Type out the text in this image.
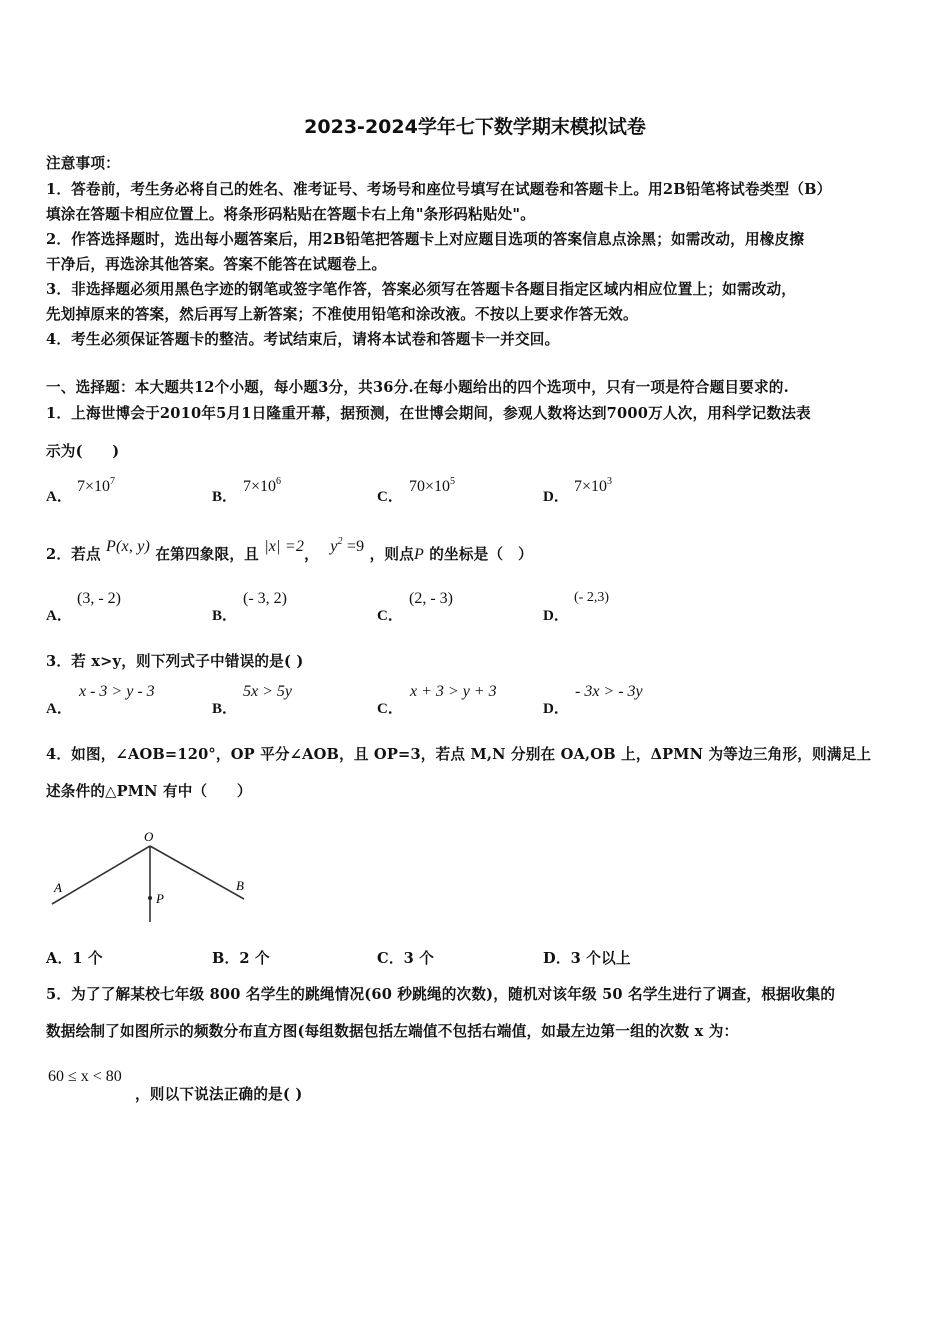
2023-2024学年七下数学期末模拟试卷
注意事项：
1．答卷前，考生务必将自己的姓名、准考证号、考场号和座位号填写在试题卷和答题卡上。用2B铅笔将试卷类型（B）
填涂在答题卡相应位置上。将条形码粘贴在答题卡右上角"条形码粘贴处"。
2．作答选择题时，选出每小题答案后，用2B铅笔把答题卡上对应题目选项的答案信息点涂黑；如需改动，用橡皮擦
干净后，再选涂其他答案。答案不能答在试题卷上。
3．非选择题必须用黑色字迹的钢笔或签字笔作答，答案必须写在答题卡各题目指定区域内相应位置上；如需改动，
先划掉原来的答案，然后再写上新答案；不准使用铅笔和涂改液。不按以上要求作答无效。
4．考生必须保证答题卡的整洁。考试结束后，请将本试卷和答题卡一并交回。
一、选择题：本大题共12个小题，每小题3分，共36分.在每小题给出的四个选项中，只有一项是符合题目要求的.
1．上海世博会于2010年5月1日隆重开幕，据预测，在世博会期间，参观人数将达到7000万人次，用科学记数法表
示为(　　)
A．
$7\times 10^7$
B．
$7\times 10^6$
C．
$70\times 10^5$
D．
$7\times 10^3$
2．若点 P(x, y) 在第四象限，且 |x| =2， $y^2 =9$ ，则点P 的坐标是（　）
A．
(3, - 2)
B．
(- 3, 2)
C．
(2, - 3)
D．
(- 2,3)
3．若 x>y，则下列式子中错误的是( )
A．
x - 3 > y - 3
B．
5x > 5y
C．
x + 3 > y + 3
D．
- 3x > - 3y
4．如图，∠AOB=120°，OP 平分∠AOB，且 OP=3，若点 M,N 分别在 OA,OB 上，ΔPMN 为等边三角形，则满足上
述条件的△PMN 有中（　　）
A
O
B
P
A．1 个	B．2 个	C．3 个	D．3 个以上
5．为了了解某校七年级 800 名学生的跳绳情况(60 秒跳绳的次数)，随机对该年级 50 名学生进行了调查，根据收集的
数据绘制了如图所示的频数分布直方图(每组数据包括左端值不包括右端值，如最左边第一组的次数 x 为：
60 ≤ x < 80
，则以下说法正确的是( )
